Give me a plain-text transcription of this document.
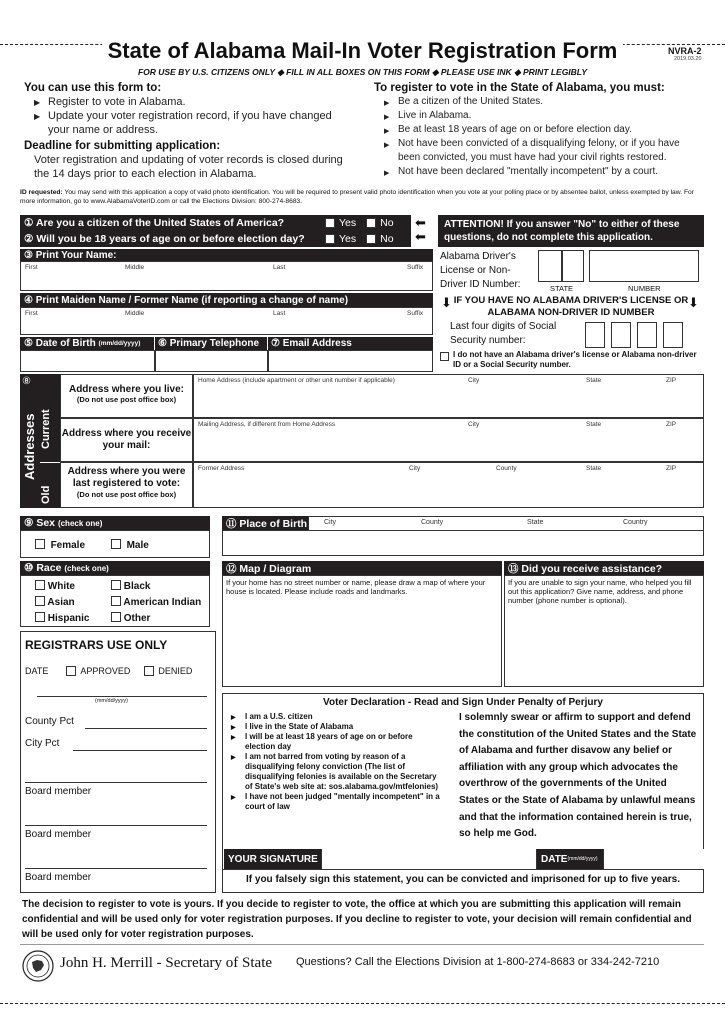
State of Alabama Mail-In Voter Registration Form	NVRA-2
2019.03.20
FOR USE BY U.S. CITIZENS ONLY ◆ FILL IN ALL BOXES ON THIS FORM ◆ PLEASE USE INK ◆ PRINT LEGIBLY
You can use this form to:
▶ Register to vote in Alabama.
▶ Update your voter registration record, if you have changed your name or address.
Deadline for submitting application:
Voter registration and updating of voter records is closed during the 14 days prior to each election in Alabama.
To register to vote in the State of Alabama, you must:
▶ Be a citizen of the United States.
▶ Live in Alabama.
▶ Be at least 18 years of age on or before election day.
▶ Not have been convicted of a disqualifying felony, or if you have been convicted, you must have had your civil rights restored.
▶ Not have been declared "mentally incompetent" by a court.
ID requested: You may send with this application a copy of valid photo identification. You will be required to present valid photo identification when you vote at your polling place or by absentee ballot, unless exempted by law. For more information, go to www.AlabamaVoterID.com or call the Elections Division: 800-274-8683.
① Are you a citizen of the United States of America?	Yes No
② Will you be 18 years of age on or before election day?	Yes No
⬅
⬅
ATTENTION! If you answer "No" to either of these questions, do not complete this application.
③ Print Your Name:
First	Middle	Last	Suffix
④ Print Maiden Name / Former Name (if reporting a change of name)
First	Middle	Last	Suffix
Alabama Driver's License or Non-Driver ID Number:	STATE	NUMBER
⬇	⬇
IF YOU HAVE NO ALABAMA DRIVER'S LICENSE OR ALABAMA NON-DRIVER ID NUMBER
Last four digits of Social Security number:
I do not have an Alabama driver's license or Alabama non-driver ID or a Social Security number.
⑤ Date of Birth
(mm/dd/yyyy)	⑥ Primary Telephone	⑦ Email Address
⑧
Addresses Current
Old
Address where you live:
(Do not use post office box)
Home Address (include apartment or other unit number if applicable)	City	State	ZIP
Address where you receive your mail:
Mailing Address, if different from Home Address	City	State	ZIP
Address where you were last registered to vote:
(Do not use post office box)
Former Address	City	County	State	ZIP
⑨ Sex
(check one)
Female	Male
⑩ Race
(check one)
White	Black
Asian	American Indian
Hispanic	Other
⑪ Place of Birth City	County	State	Country
⑫ Map / Diagram
If your home has no street number or name, please draw a map of where your house is located. Please include roads and landmarks.
⑬ Did you receive assistance?
If you are unable to sign your name, who helped you fill out this application? Give name, address, and phone number (phone number is optional).
REGISTRARS USE ONLY
DATE	APPROVED	DENIED
(mm/dd/yyyy)
County Pct
City Pct
Board member
Board member
Board member
Voter Declaration - Read and Sign Under Penalty of Perjury
▶ I am a U.S. citizen
▶ I live in the State of Alabama
▶ I will be at least 18 years of age on or before election day
▶ I am not barred from voting by reason of a disqualifying felony conviction (The list of disqualifying felonies is available on the Secretary of State's web site at: sos.alabama.gov/mtfelonies)
▶ I have not been judged "mentally incompetent" in a court of law
I solemnly swear or affirm to support and defend the constitution of the United States and the State of Alabama and further disavow any belief or affiliation with any group which advocates the overthrow of the governments of the United States or the State of Alabama by unlawful means and that the information contained herein is true, so help me God.
YOUR SIGNATURE	DATE (mm/dd/yyyy)
If you falsely sign this statement, you can be convicted and imprisoned for up to five years.
The decision to register to vote is yours. If you decide to register to vote, the office at which you are submitting this application will remain confidential and will be used only for voter registration purposes. If you decline to register to vote, your decision will remain confidential and will be used only for voter registration purposes.
John H. Merrill - Secretary of State Questions? Call the Elections Division at 1-800-274-8683 or 334-242-7210
